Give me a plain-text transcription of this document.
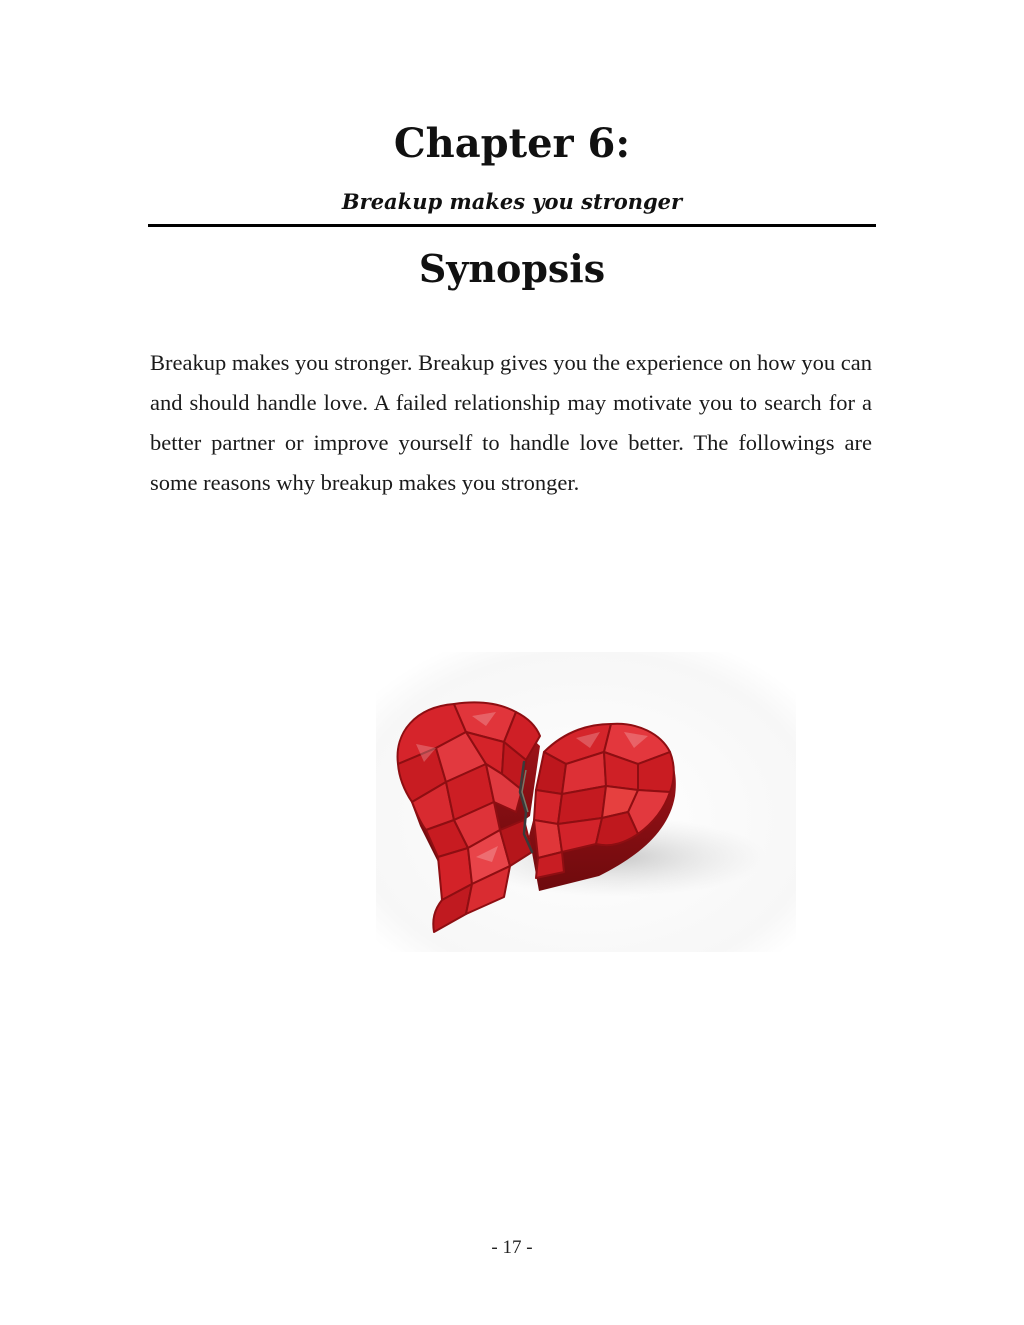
Chapter 6:
Breakup makes you stronger
Synopsis

Breakup makes you stronger. Breakup gives you the experience on how you can and should handle love. A failed relationship may motivate you to search for a better partner or improve yourself to handle love better. The followings are some reasons why breakup makes you stronger.

- 17 -
